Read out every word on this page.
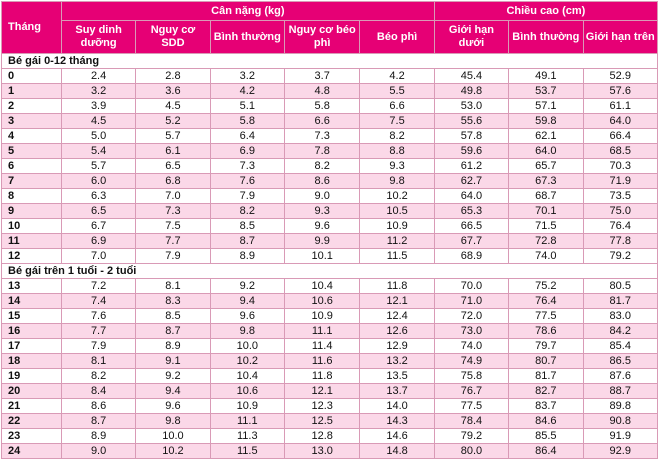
Tháng	Cân nặng (kg)					Chiều cao (cm)		
	Suy dinh dưỡng	Nguy cơ SDD	Bình thường	Nguy cơ béo phì	Béo phì	Giới hạn dưới	Bình thường	Giới hạn trên
Bé gái 0-12 tháng								
0	2.4	2.8	3.2	3.7	4.2	45.4	49.1	52.9
1	3.2	3.6	4.2	4.8	5.5	49.8	53.7	57.6
2	3.9	4.5	5.1	5.8	6.6	53.0	57.1	61.1
3	4.5	5.2	5.8	6.6	7.5	55.6	59.8	64.0
4	5.0	5.7	6.4	7.3	8.2	57.8	62.1	66.4
5	5.4	6.1	6.9	7.8	8.8	59.6	64.0	68.5
6	5.7	6.5	7.3	8.2	9.3	61.2	65.7	70.3
7	6.0	6.8	7.6	8.6	9.8	62.7	67.3	71.9
8	6.3	7.0	7.9	9.0	10.2	64.0	68.7	73.5
9	6.5	7.3	8.2	9.3	10.5	65.3	70.1	75.0
10	6.7	7.5	8.5	9.6	10.9	66.5	71.5	76.4
11	6.9	7.7	8.7	9.9	11.2	67.7	72.8	77.8
12	7.0	7.9	8.9	10.1	11.5	68.9	74.0	79.2
Bé gái trên 1 tuổi - 2 tuổi								
13	7.2	8.1	9.2	10.4	11.8	70.0	75.2	80.5
14	7.4	8.3	9.4	10.6	12.1	71.0	76.4	81.7
15	7.6	8.5	9.6	10.9	12.4	72.0	77.5	83.0
16	7.7	8.7	9.8	11.1	12.6	73.0	78.6	84.2
17	7.9	8.9	10.0	11.4	12.9	74.0	79.7	85.4
18	8.1	9.1	10.2	11.6	13.2	74.9	80.7	86.5
19	8.2	9.2	10.4	11.8	13.5	75.8	81.7	87.6
20	8.4	9.4	10.6	12.1	13.7	76.7	82.7	88.7
21	8.6	9.6	10.9	12.3	14.0	77.5	83.7	89.8
22	8.7	9.8	11.1	12.5	14.3	78.4	84.6	90.8
23	8.9	10.0	11.3	12.8	14.6	79.2	85.5	91.9
24	9.0	10.2	11.5	13.0	14.8	80.0	86.4	92.9
